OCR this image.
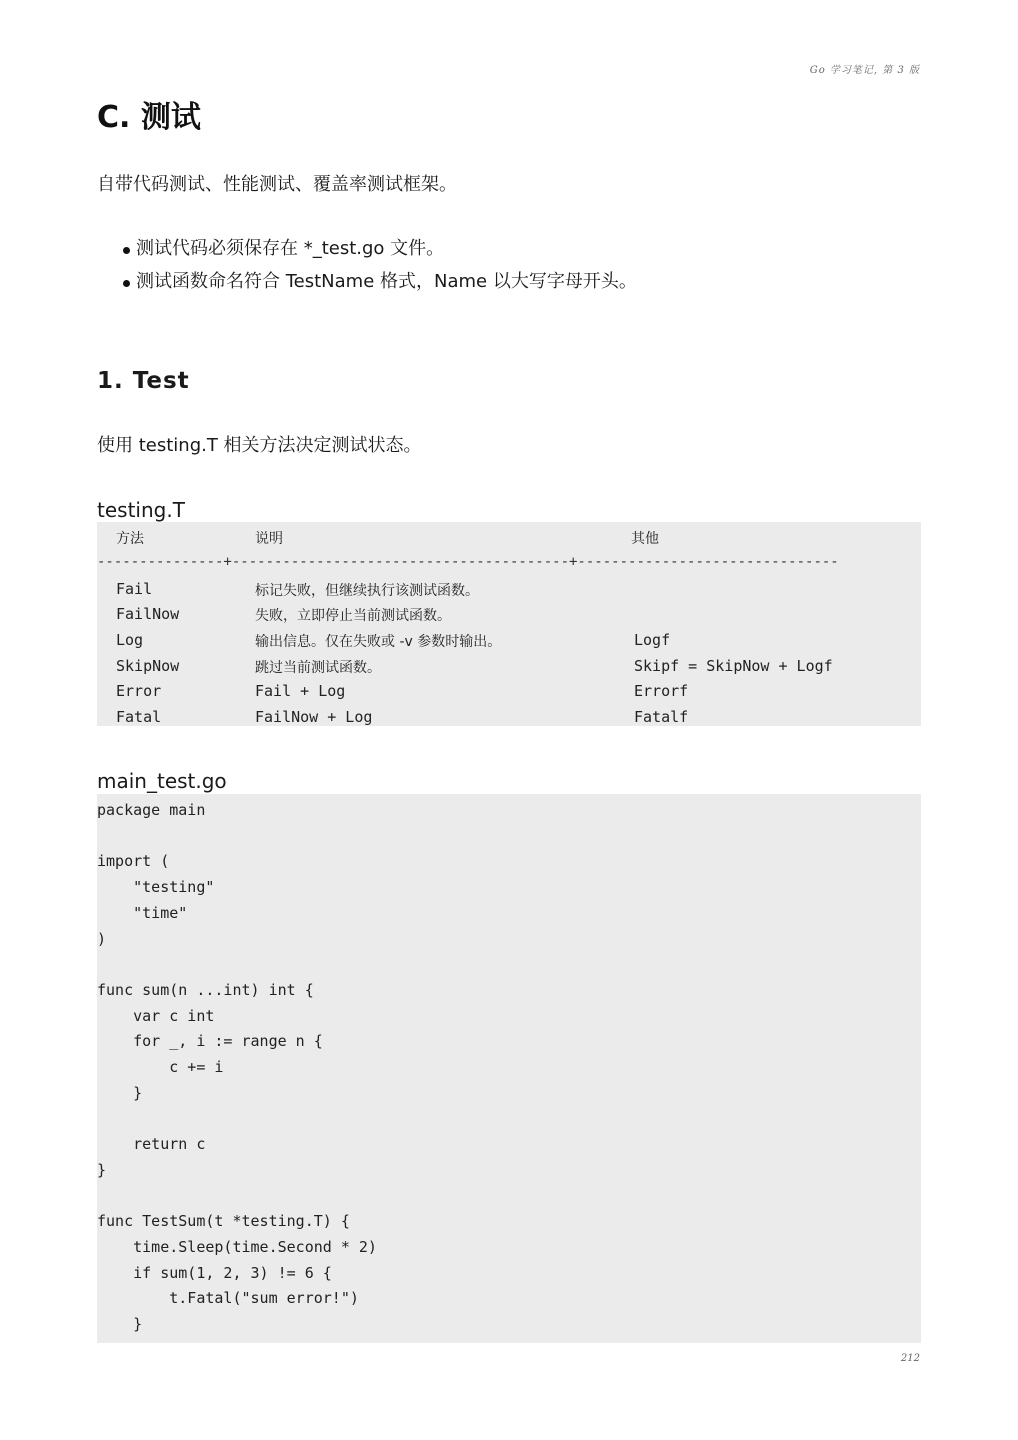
Go 学习笔记, 第 3 版
C. 测试

自带代码测试、性能测试、覆盖率测试框架。

测试代码必须保存在 *_test.go 文件。
测试函数命名符合 TestName 格式，Name 以大写字母开头。
1. Test

使用 testing.T 相关方法决定测试状态。

testing.T
方法	说明	其他
---------------+----------------------------------------+-------------------------------
Fail	标记失败，但继续执行该测试函数。
FailNow	失败，立即停止当前测试函数。
Log	输出信息。仅在失败或 -v 参数时输出。	Logf
SkipNow	跳过当前测试函数。	Skipf = SkipNow + Logf
Error	Fail + Log	Errorf
Fatal	FailNow + Log	Fatalf
main_test.go
package main

import (
"testing"
"time"
)

func sum(n ...int) int {
var c int
for _, i := range n {
c += i
}

return c
}

func TestSum(t *testing.T) {
time.Sleep(time.Second * 2)
if sum(1, 2, 3) != 6 {
t.Fatal("sum error!")
}
212
